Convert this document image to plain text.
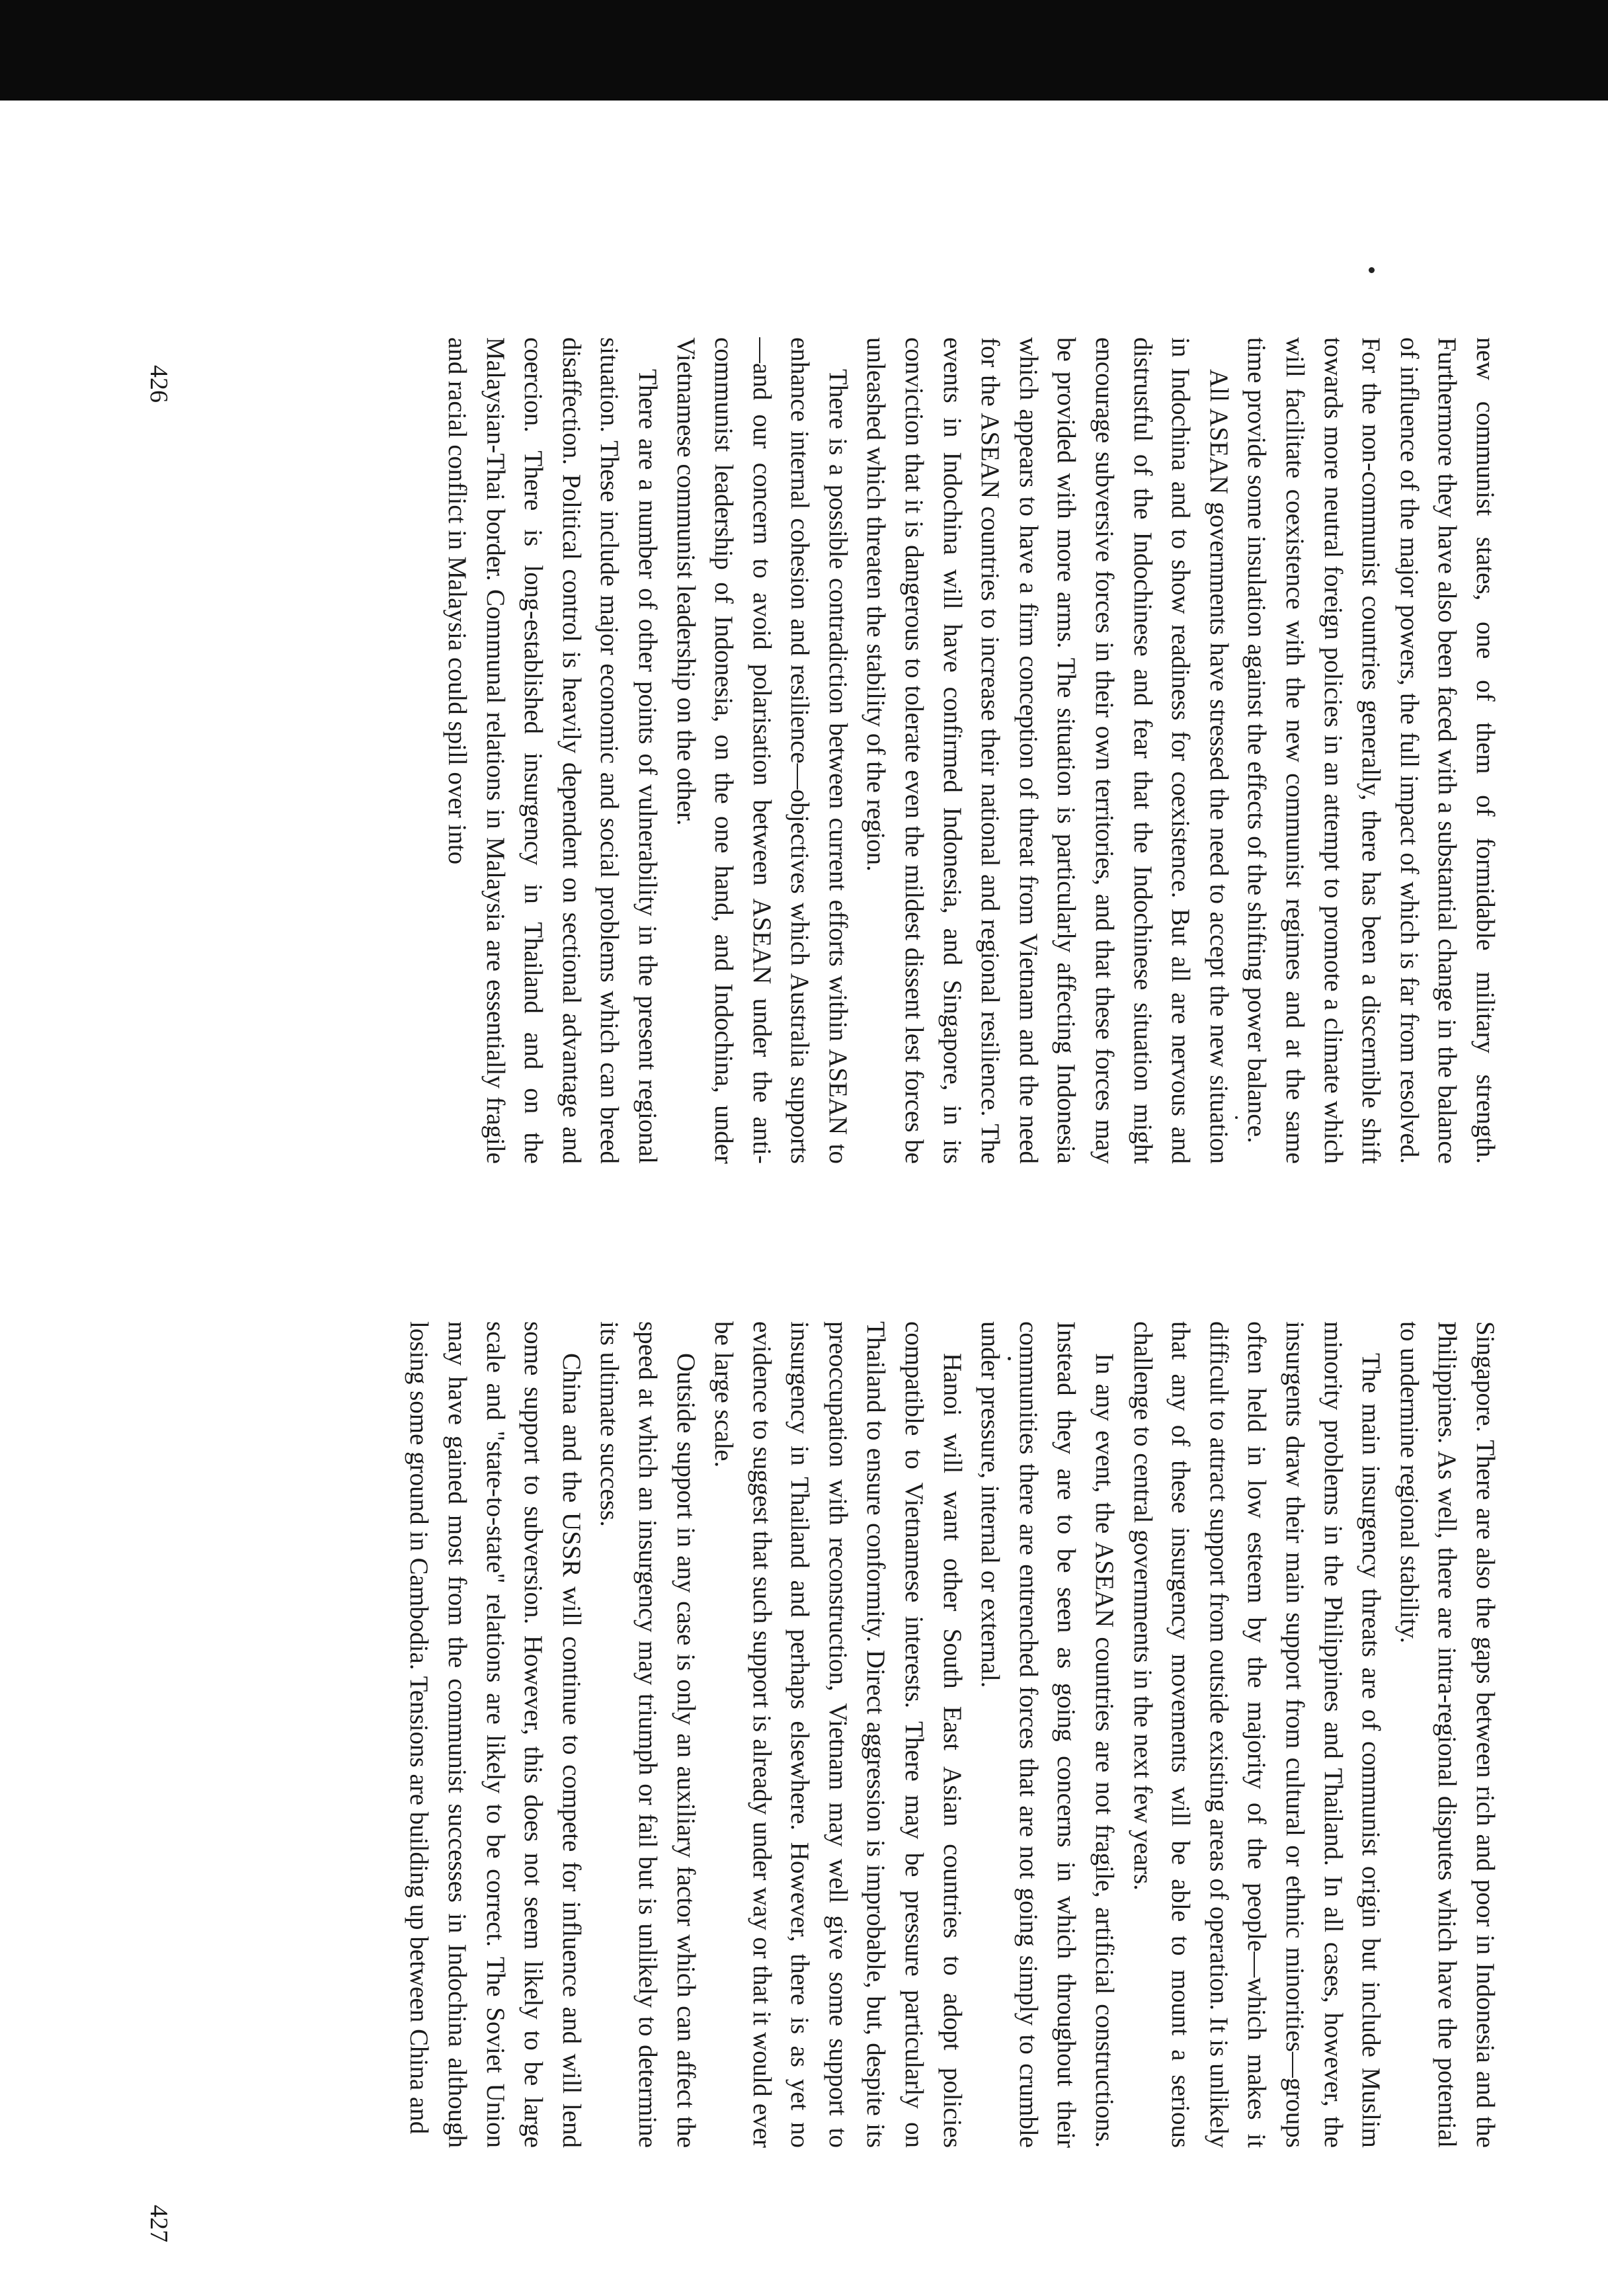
new communist states, one of them of formidable military strength. Furthermore they have also been faced with a substantial change in the balance of influence of the major powers, the full impact of which is far from resolved. For the non-communist countries generally, there has been a discernible shift towards more neutral foreign policies in an attempt to promote a climate which will facilitate coexistence with the new communist regimes and at the same time provide some insulation against the effects of the shifting power balance.

All ASEAN governments have stressed the need to accept the new situation in Indochina and to show readiness for coexistence. But all are nervous and distrustful of the Indochinese and fear that the Indochinese situation might encourage subversive forces in their own territories, and that these forces may be provided with more arms. The situation is particularly affecting Indonesia which appears to have a firm conception of threat from Vietnam and the need for the ASEAN countries to increase their national and regional resilience. The events in Indochina will have confirmed Indonesia, and Singapore, in its conviction that it is dangerous to tolerate even the mildest dissent lest forces be unleashed which threaten the stability of the region.

There is a possible contradiction between current efforts within ASEAN to enhance internal cohesion and resilience—objectives which Australia supports—and our concern to avoid polarisation between ASEAN under the anti-communist leadership of Indonesia, on the one hand, and Indochina, under Vietnamese communist leadership on the other.

There are a number of other points of vulnerability in the present regional situation. These include major economic and social problems which can breed disaffection. Political control is heavily dependent on sectional advantage and coercion. There is long-established insurgency in Thailand and on the Malaysian-Thai border. Communal relations in Malaysia are essentially fragile and racial conflict in Malaysia could spill over into

Singapore. There are also the gaps between rich and poor in Indonesia and the Philippines. As well, there are intra-regional disputes which have the potential to undermine regional stability.

The main insurgency threats are of communist origin but include Muslim minority problems in the Philippines and Thailand. In all cases, however, the insurgents draw their main support from cultural or ethnic minorities—groups often held in low esteem by the majority of the people—which makes it difficult to attract support from outside existing areas of operation. It is unlikely that any of these insurgency movements will be able to mount a serious challenge to central governments in the next few years.

In any event, the ASEAN countries are not fragile, artificial constructions. Instead they are to be seen as going concerns in which throughout their communities there are entrenched forces that are not going simply to crumble under pressure, internal or external.

Hanoi will want other South East Asian countries to adopt policies compatible to Vietnamese interests. There may be pressure particularly on Thailand to ensure conformity. Direct aggression is improbable, but, despite its preoccupation with reconstruction, Vietnam may well give some support to insurgency in Thailand and perhaps elsewhere. However, there is as yet no evidence to suggest that such support is already under way or that it would ever be large scale.

Outside support in any case is only an auxiliary factor which can affect the speed at which an insurgency may triumph or fail but is unlikely to determine its ultimate success.

China and the USSR will continue to compete for influence and will lend some support to subversion. However, this does not seem likely to be large scale and "state-to-state" relations are likely to be correct. The Soviet Union may have gained most from the communist successes in Indochina although losing some ground in Cambodia. Tensions are building up between China and

426
427
